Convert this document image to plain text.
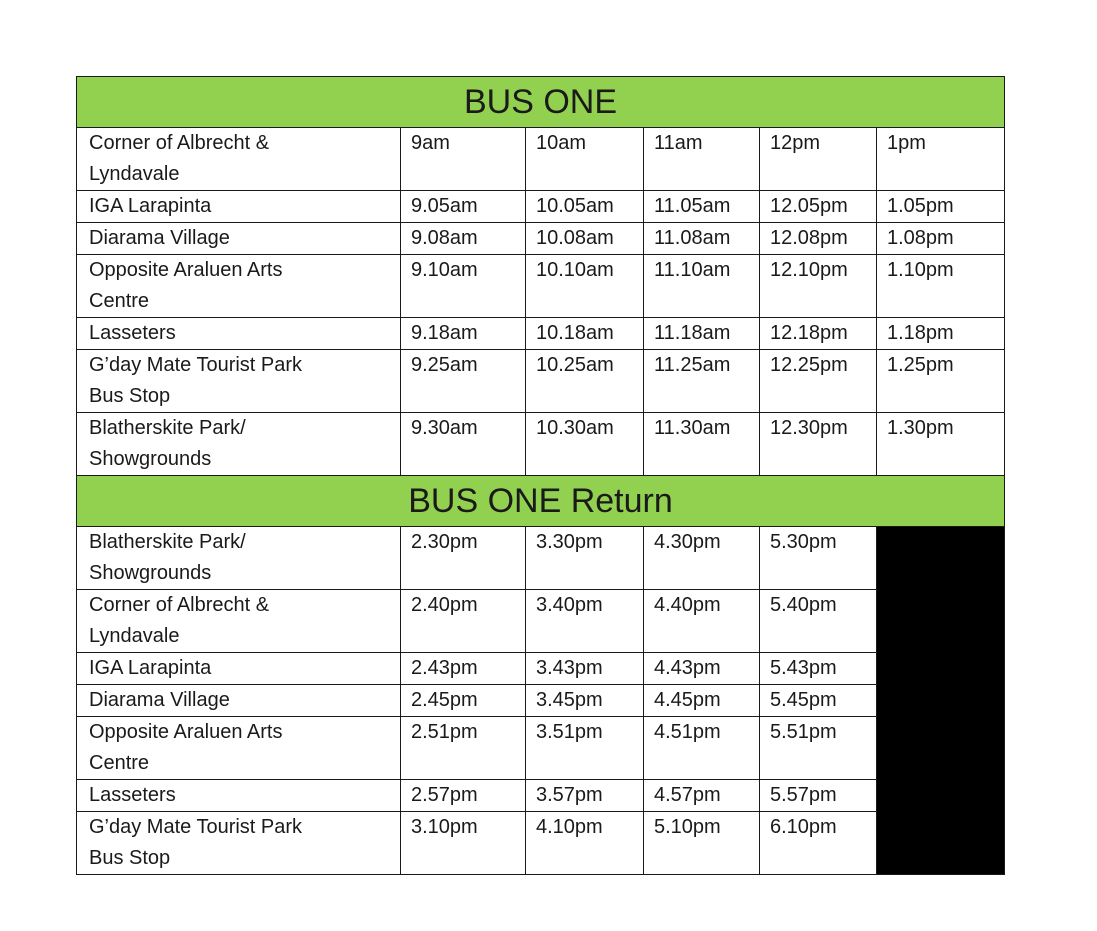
BUS ONE					
Corner of Albrecht &
Lyndavale	9am	10am	11am	12pm	1pm
IGA Larapinta	9.05am	10.05am	11.05am	12.05pm	1.05pm
Diarama Village	9.08am	10.08am	11.08am	12.08pm	1.08pm
Opposite Araluen Arts
Centre	9.10am	10.10am	11.10am	12.10pm	1.10pm
Lasseters	9.18am	10.18am	11.18am	12.18pm	1.18pm
G’day Mate Tourist Park
Bus Stop	9.25am	10.25am	11.25am	12.25pm	1.25pm
Blatherskite Park/
Showgrounds	9.30am	10.30am	11.30am	12.30pm	1.30pm
BUS ONE Return					
Blatherskite Park/
Showgrounds	2.30pm	3.30pm	4.30pm	5.30pm	
Corner of Albrecht &
Lyndavale	2.40pm	3.40pm	4.40pm	5.40pm	
IGA Larapinta	2.43pm	3.43pm	4.43pm	5.43pm	
Diarama Village	2.45pm	3.45pm	4.45pm	5.45pm	
Opposite Araluen Arts
Centre	2.51pm	3.51pm	4.51pm	5.51pm	
Lasseters	2.57pm	3.57pm	4.57pm	5.57pm	
G’day Mate Tourist Park
Bus Stop	3.10pm	4.10pm	5.10pm	6.10pm	
